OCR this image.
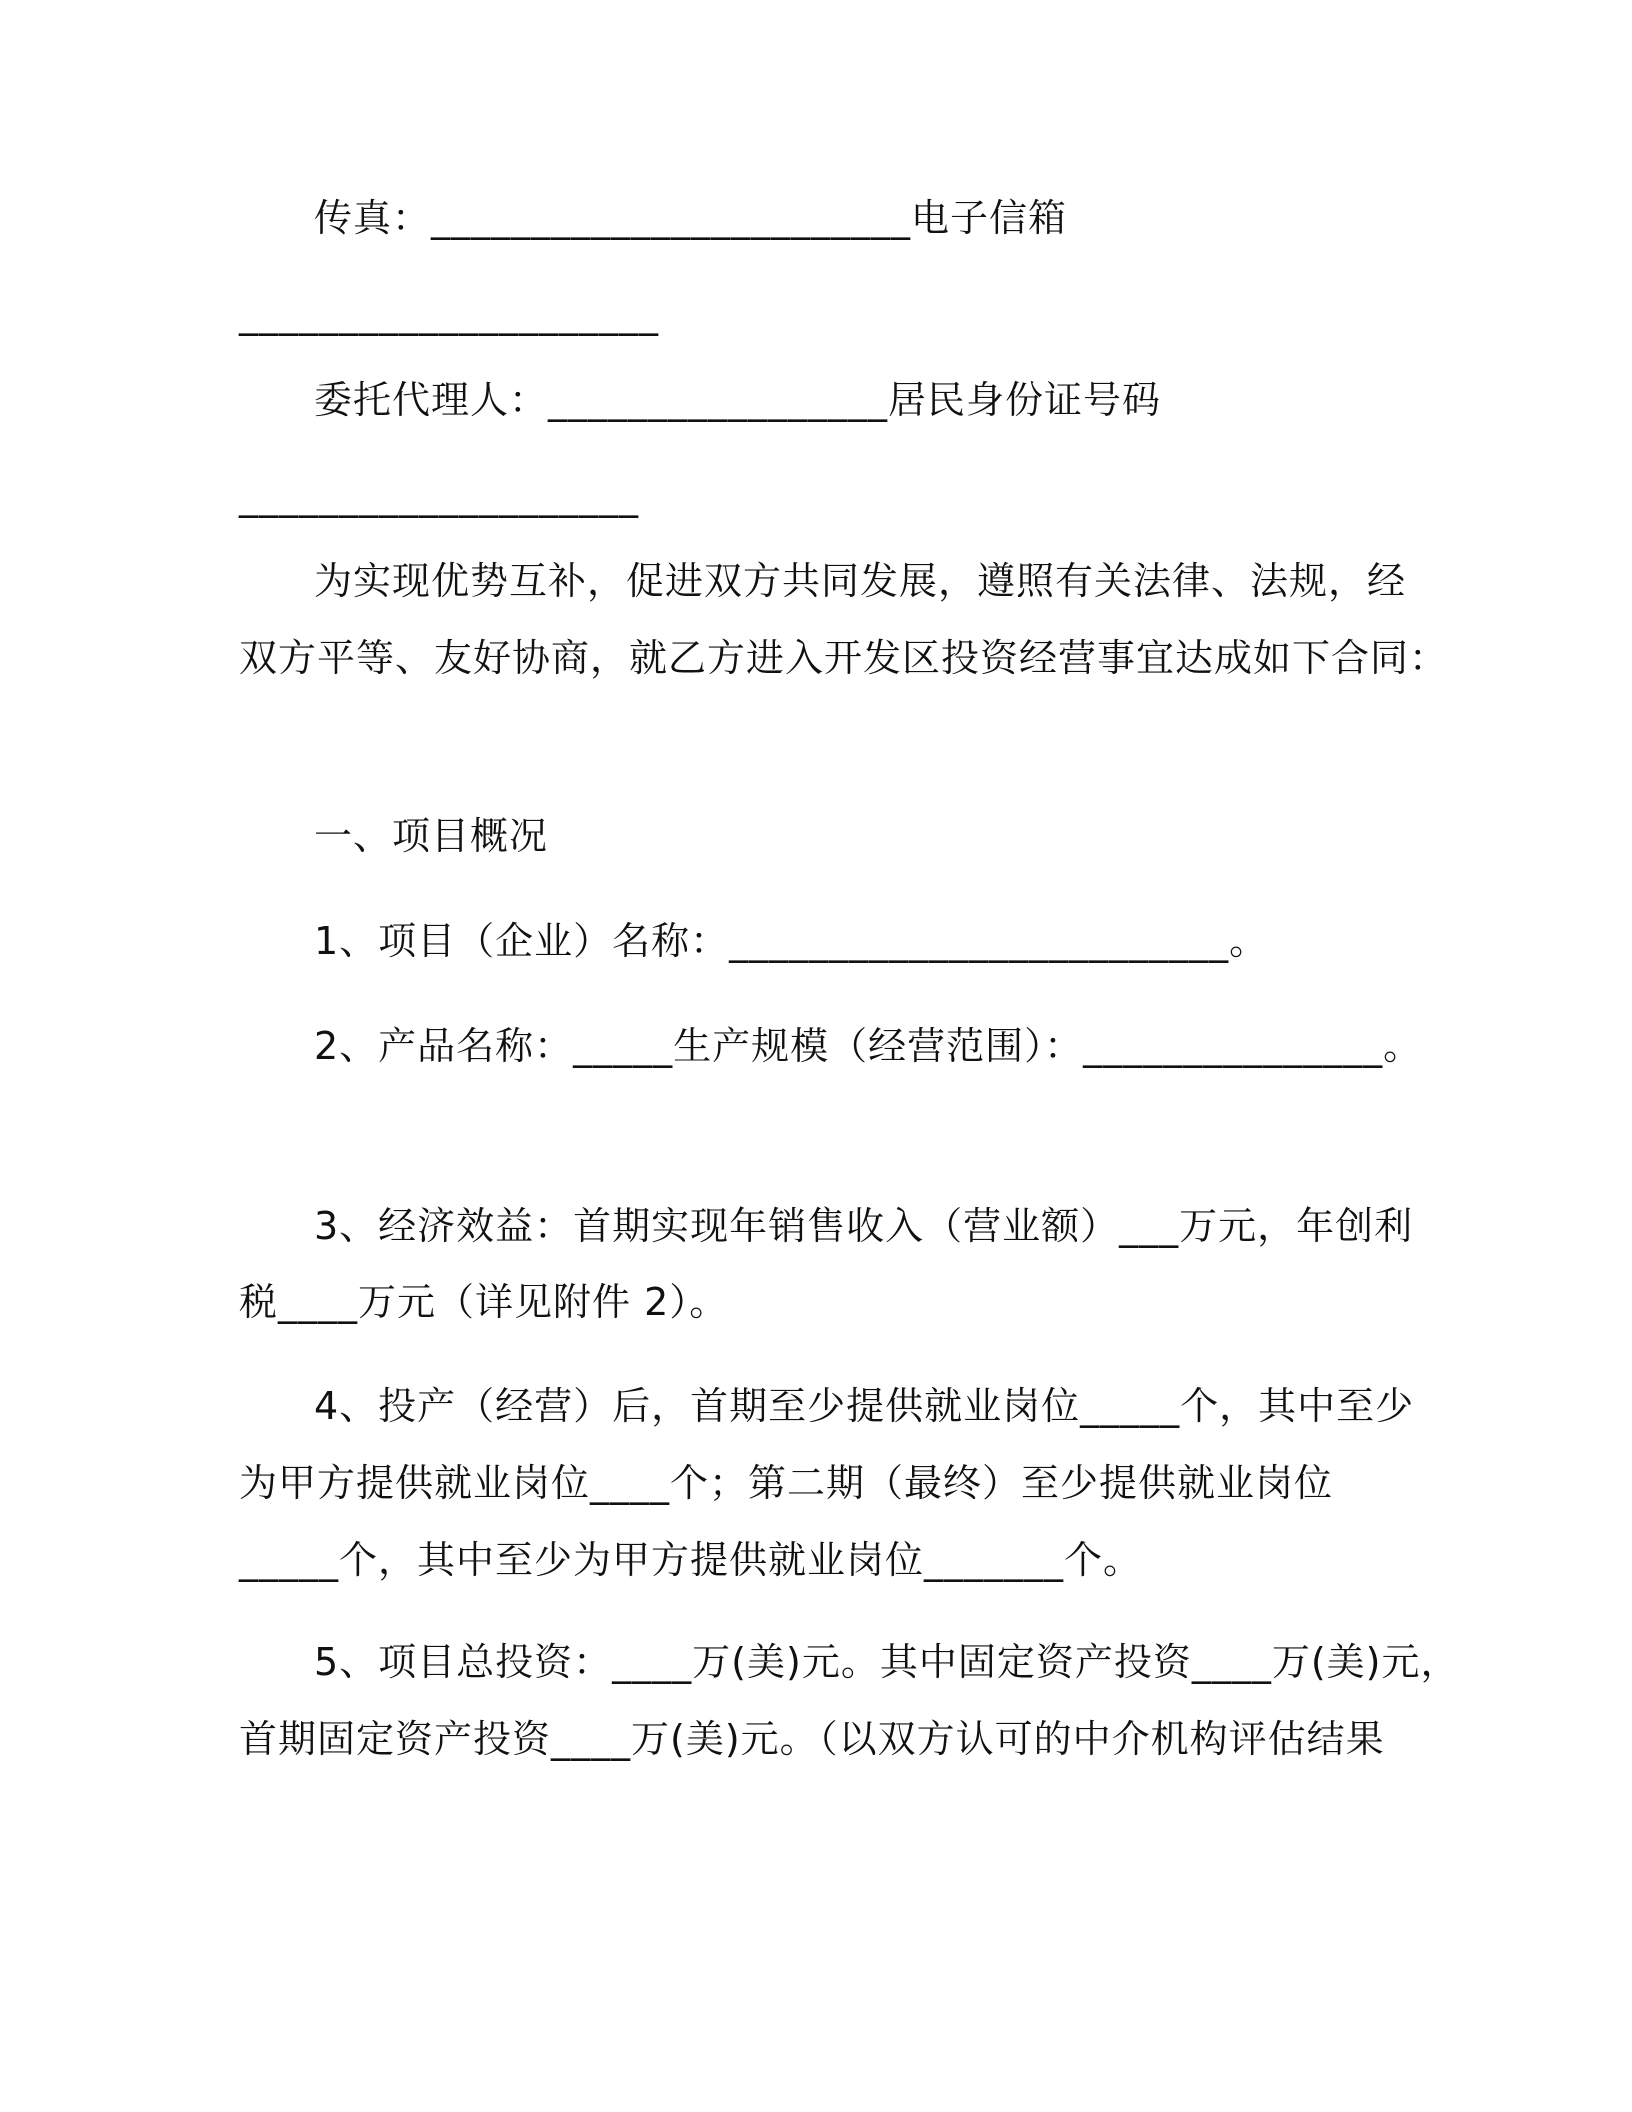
传真：________________________电子信箱
_____________________
委托代理人：_________________居民身份证号码
____________________
为实现优势互补，促进双方共同发展，遵照有关法律、法规，经
双方平等、友好协商，就乙方进入开发区投资经营事宜达成如下合同：
一、项目概况
1、项目（企业）名称：_________________________。
2、产品名称：_____生产规模（经营范围）：_______________。
3、经济效益：首期实现年销售收入（营业额）___万元，年创利
税____万元（详见附件 2）。
4、投产（经营）后，首期至少提供就业岗位_____个，其中至少
为甲方提供就业岗位____个；第二期（最终）至少提供就业岗位
_____个，其中至少为甲方提供就业岗位_______个。
5、项目总投资：____万(美)元。其中固定资产投资____万(美)元，
首期固定资产投资____万(美)元。（以双方认可的中介机构评估结果
